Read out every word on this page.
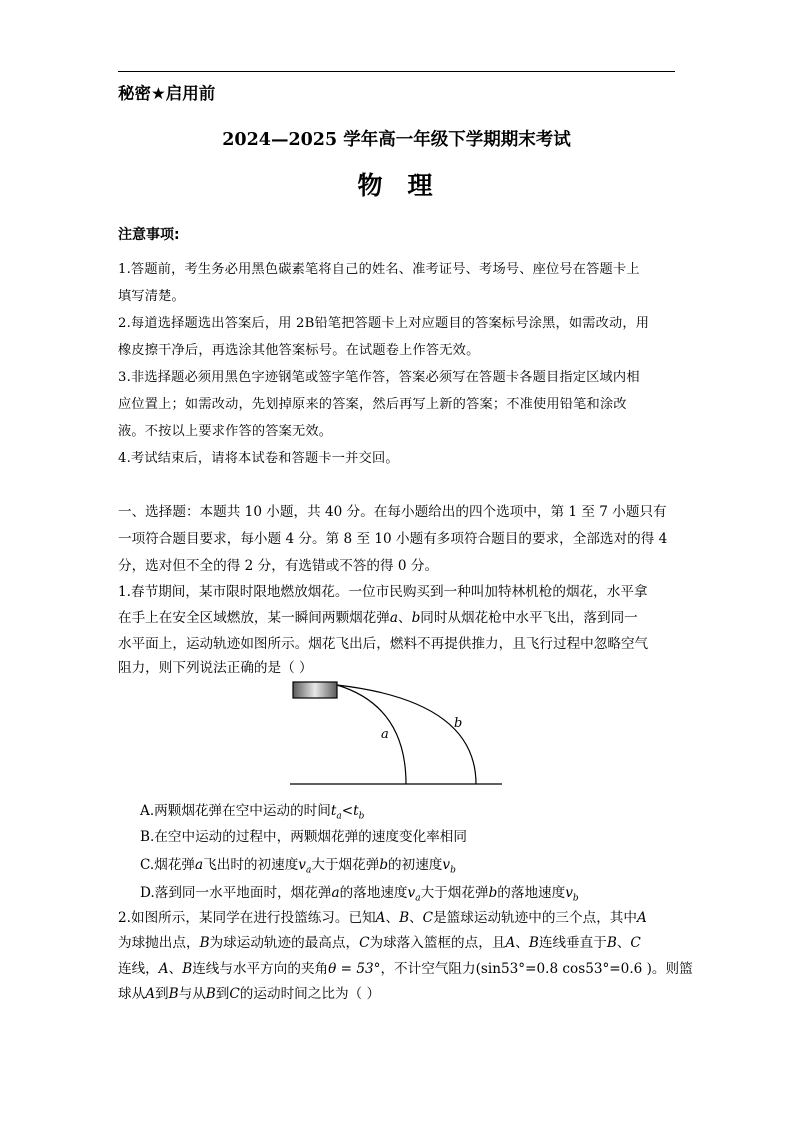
秘密★启用前
2024—2025 学年高一年级下学期期末考试
物 理
注意事项:
1.答题前，考生务必用黑色碳素笔将自己的姓名、准考证号、考场号、座位号在答题卡上
填写清楚。
2.每道选择题选出答案后，用 2B铅笔把答题卡上对应题目的答案标号涂黑，如需改动，用
橡皮擦干净后，再选涂其他答案标号。在试题卷上作答无效。
3.非选择题必须用黑色字迹钢笔或签字笔作答，答案必须写在答题卡各题目指定区域内相
应位置上；如需改动，先划掉原来的答案，然后再写上新的答案；不准使用铅笔和涂改
液。不按以上要求作答的答案无效。
4.考试结束后，请将本试卷和答题卡一并交回。
一、选择题：本题共 10 小题，共 40 分。在每小题给出的四个选项中，第 1 至 7 小题只有
一项符合题目要求，每小题 4 分。第 8 至 10 小题有多项符合题目的要求，全部选对的得 4
分，选对但不全的得 2 分，有选错或不答的得 0 分。
1.春节期间，某市限时限地燃放烟花。一位市民购买到一种叫加特林机枪的烟花，水平拿
在手上在安全区域燃放，某一瞬间两颗烟花弹a、b同时从烟花枪中水平飞出，落到同一
水平面上，运动轨迹如图所示。烟花飞出后，燃料不再提供推力，且飞行过程中忽略空气
阻力，则下列说法正确的是（ ）
a
b
A.两颗烟花弹在空中运动的时间$t_a<t_b$
B.在空中运动的过程中，两颗烟花弹的速度变化率相同
C.烟花弹a飞出时的初速度$v_a$大于烟花弹b的初速度$v_b$
D.落到同一水平地面时，烟花弹a的落地速度$v_a$大于烟花弹b的落地速度$v_b$
2.如图所示，某同学在进行投篮练习。已知A、B、C是篮球运动轨迹中的三个点，其中A
为球抛出点，B为球运动轨迹的最高点，C为球落入篮框的点，且A、B连线垂直于B、C
连线，A、B连线与水平方向的夹角θ = 53°，不计空气阻力(sin53°=0.8 cos53°=0.6 )。则篮
球从A到B与从B到C的运动时间之比为（ ）
